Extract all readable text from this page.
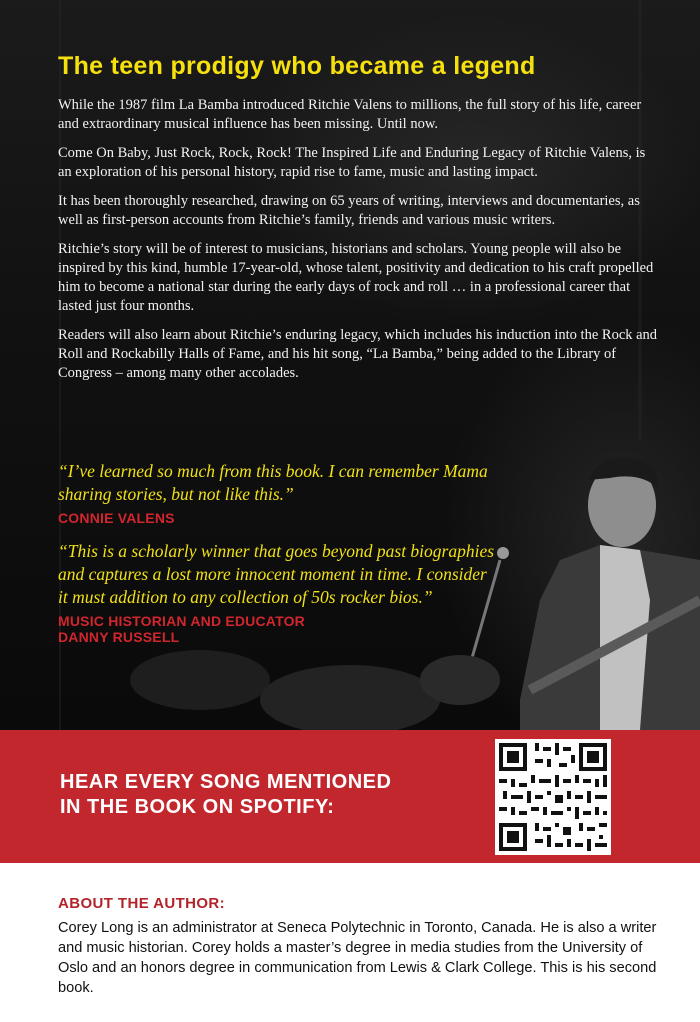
The teen prodigy who became a legend

While the 1987 film La Bamba introduced Ritchie Valens to millions, the full story of his life, career and extraordinary musical influence has been missing. Until now.

Come On Baby, Just Rock, Rock, Rock! The Inspired Life and Enduring Legacy of Ritchie Valens, is an exploration of his personal history, rapid rise to fame, music and lasting impact.

It has been thoroughly researched, drawing on 65 years of writing, interviews and documentaries, as well as first-person accounts from Ritchie’s family, friends and various music writers.

Ritchie’s story will be of interest to musicians, historians and scholars. Young people will also be inspired by this kind, humble 17-year-old, whose talent, positivity and dedication to his craft propelled him to become a national star during the early days of rock and roll … in a professional career that lasted just four months.

Readers will also learn about Ritchie’s enduring legacy, which includes his induction into the Rock and Roll and Rockabilly Halls of Fame, and his hit song, “La Bamba,” being added to the Library of Congress – among many other accolades.

“I’ve learned so much from this book. I can remember Mama sharing stories, but not like this.”

CONNIE VALENS

“This is a scholarly winner that goes beyond past biographies and captures a lost more innocent moment in time. I consider it must addition to any collection of 50s rocker bios.”

MUSIC HISTORIAN AND EDUCATOR
DANNY RUSSELL

HEAR EVERY SONG MENTIONED
IN THE BOOK ON SPOTIFY:

ABOUT THE AUTHOR:

Corey Long is an administrator at Seneca Polytechnic in Toronto, Canada. He is also a writer and music historian. Corey holds a master’s degree in media studies from the University of Oslo and an honors degree in communication from Lewis & Clark College. This is his second book.
